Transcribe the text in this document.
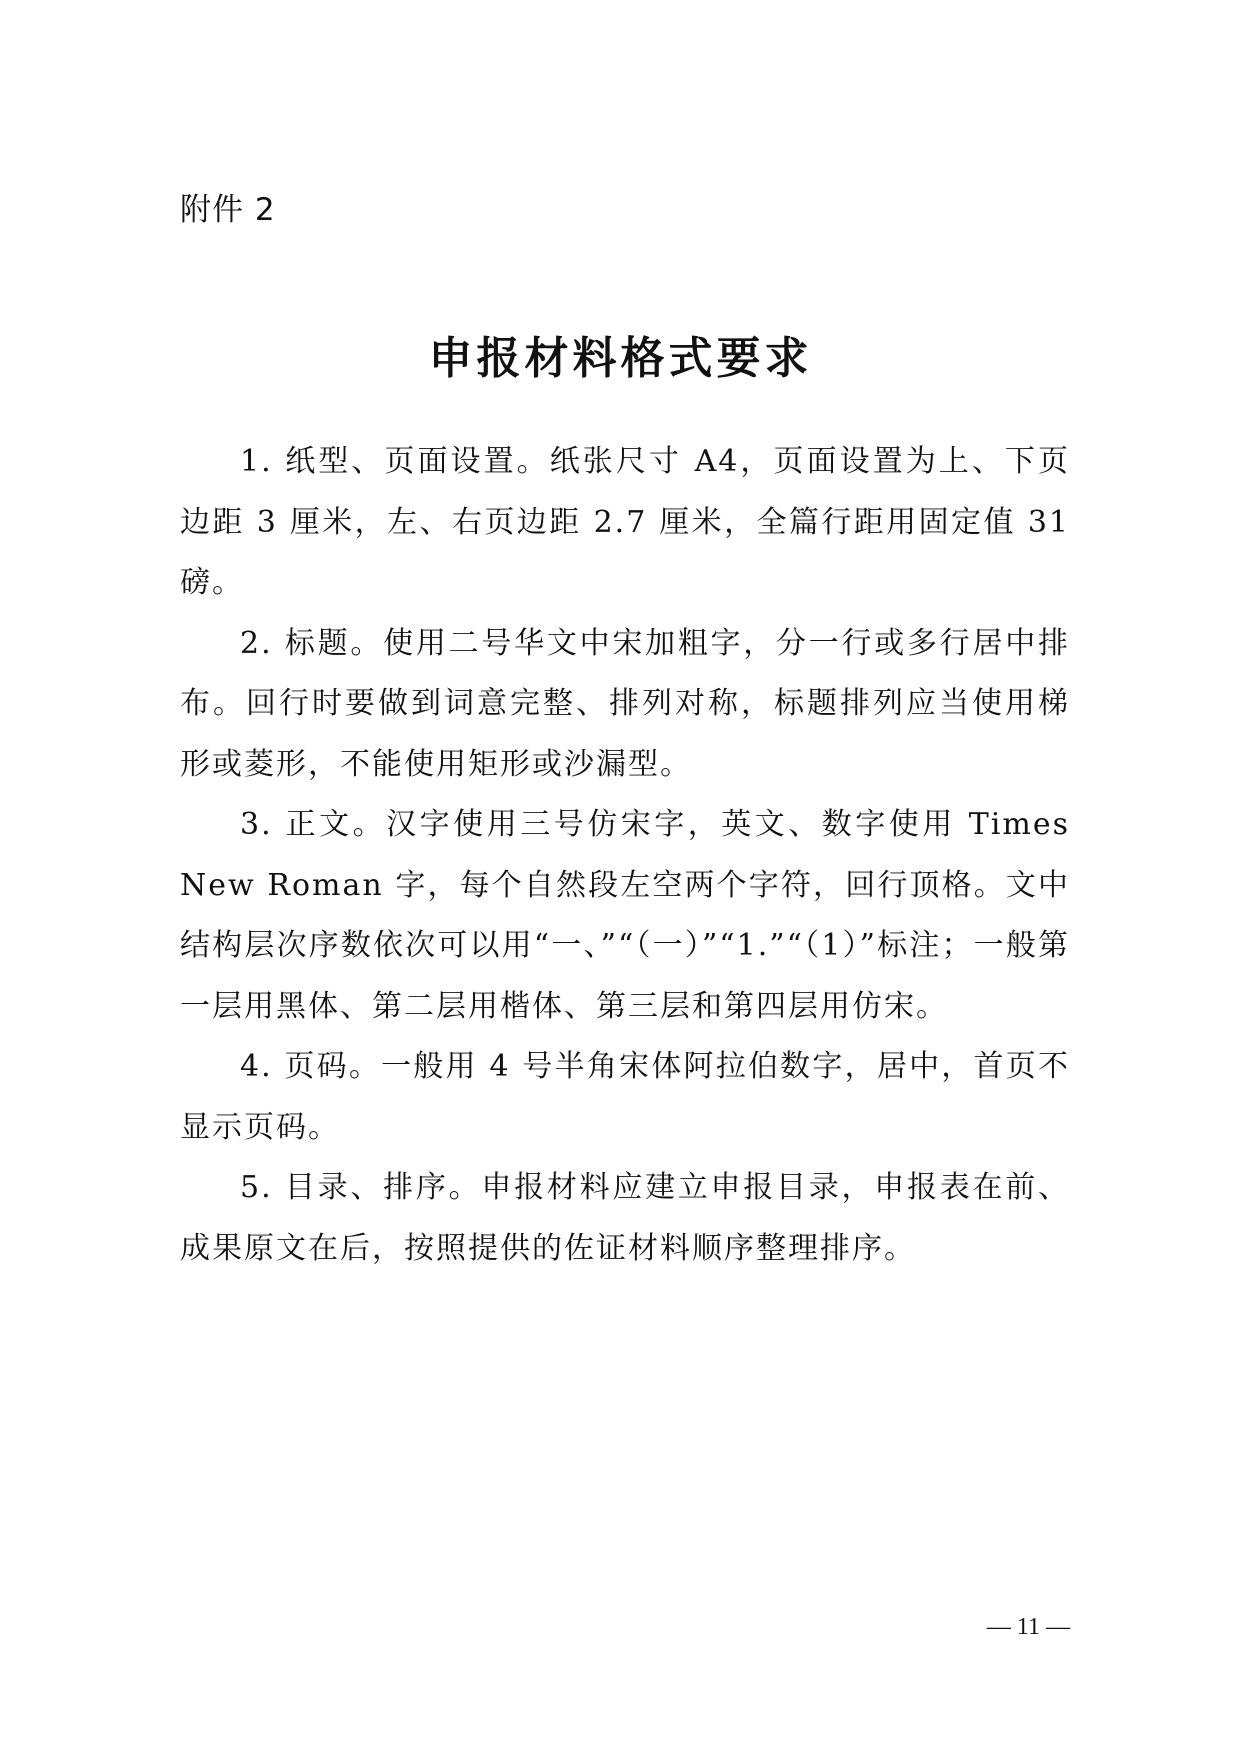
附件 2
申报材料格式要求

1. 纸型、页面设置。纸张尺寸 A4，页面设置为上、下页边距 3 厘米，左、右页边距 2.7 厘米，全篇行距用固定值 31 磅。

2. 标题。使用二号华文中宋加粗字，分一行或多行居中排布。回行时要做到词意完整、排列对称，标题排列应当使用梯形或菱形，不能使用矩形或沙漏型。

3. 正文。汉字使用三号仿宋字，英文、数字使用 Times New Roman 字，每个自然段左空两个字符，回行顶格。文中结构层次序数依次可以用“一、”“（一）”“1.”“（1）”标注；一般第一层用黑体、第二层用楷体、第三层和第四层用仿宋。

4. 页码。一般用 4 号半角宋体阿拉伯数字，居中，首页不显示页码。

5. 目录、排序。申报材料应建立申报目录，申报表在前、成果原文在后，按照提供的佐证材料顺序整理排序。

— 11 —
